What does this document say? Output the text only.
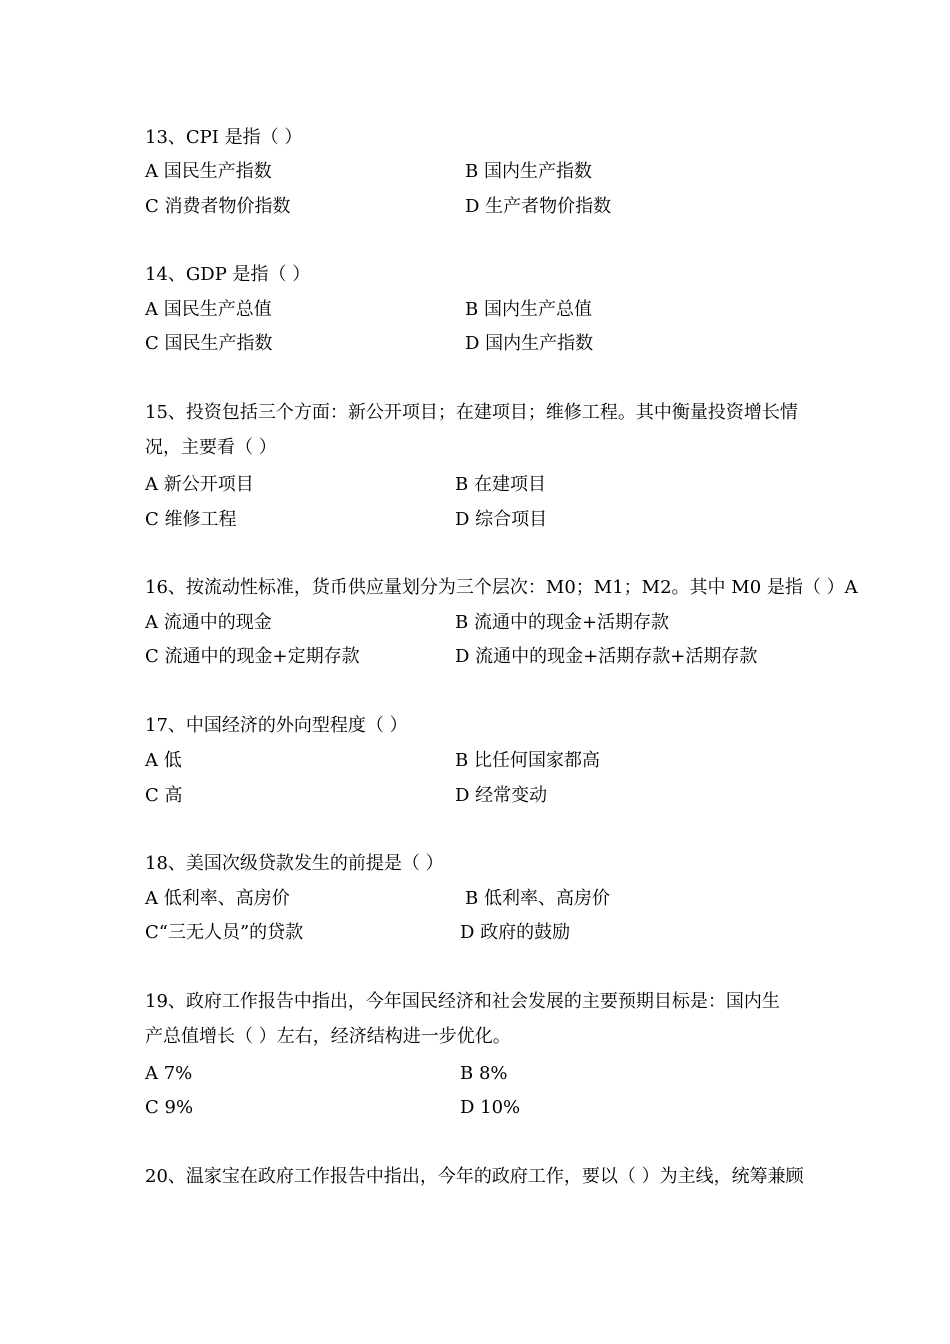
13、CPI 是指（ ）
A 国民生产指数	B 国内生产指数
C 消费者物价指数	D 生产者物价指数
14、GDP 是指（ ）
A 国民生产总值	B 国内生产总值
C 国民生产指数	D 国内生产指数
15、投资包括三个方面：新公开项目；在建项目；维修工程。其中衡量投资增长情
况，主要看（ ）
A 新公开项目	B 在建项目
C 维修工程	D 综合项目
16、按流动性标准，货币供应量划分为三个层次：M0；M1；M2。其中 M0 是指（ ）A
A 流通中的现金	B 流通中的现金+活期存款
C 流通中的现金+定期存款	D 流通中的现金+活期存款+活期存款
17、中国经济的外向型程度（ ）
A 低	B 比任何国家都高
C 高	D 经常变动
18、美国次级贷款发生的前提是（ ）
A 低利率、高房价	B 低利率、高房价
C“三无人员”的贷款	D 政府的鼓励
19、政府工作报告中指出，今年国民经济和社会发展的主要预期目标是：国内生
产总值增长（ ）左右，经济结构进一步优化。
A 7%	B 8%
C 9%	D 10%
20、温家宝在政府工作报告中指出，今年的政府工作，要以（ ）为主线，统筹兼顾
